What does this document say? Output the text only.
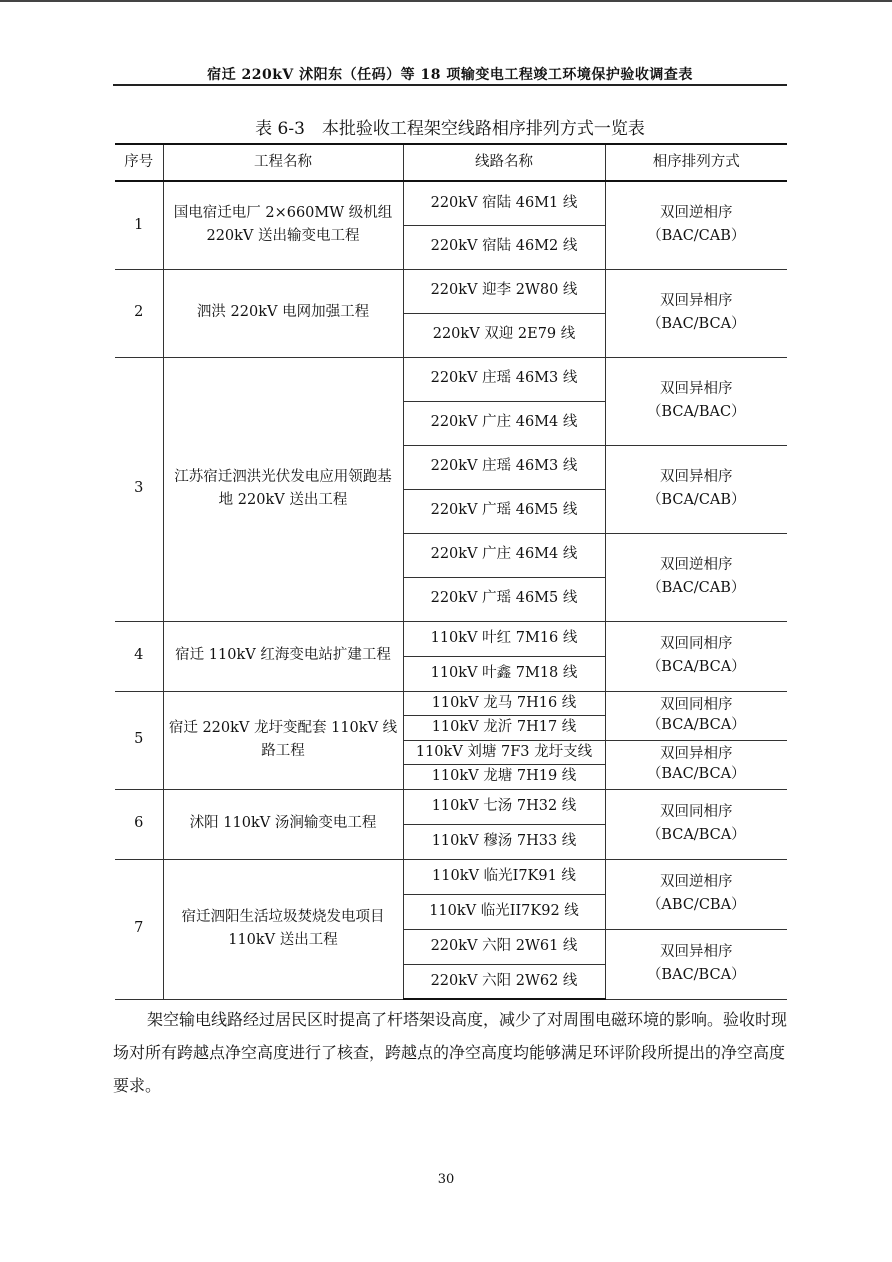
宿迁 220kV 沭阳东（任码）等 18 项输变电工程竣工环境保护验收调查表
表 6-3　本批验收工程架空线路相序排列方式一览表
序号	工程名称	线路名称	相序排列方式
1	国电宿迁电厂 2×660MW 级机组 220kV 送出输变电工程	220kV 宿陆 46M1 线	双回逆相序
（BAC/CAB）
		220kV 宿陆 46M2 线	
2	泗洪 220kV 电网加强工程	220kV 迎李 2W80 线	双回异相序
（BAC/BCA）
		220kV 双迎 2E79 线	
3	江苏宿迁泗洪光伏发电应用领跑基地 220kV 送出工程	220kV 庄瑶 46M3 线	双回异相序
（BCA/BAC）
		220kV 广庄 46M4 线	
		220kV 庄瑶 46M3 线	双回异相序
（BCA/CAB）
		220kV 广瑶 46M5 线	
		220kV 广庄 46M4 线	双回逆相序
（BAC/CAB）
		220kV 广瑶 46M5 线	
4	宿迁 110kV 红海变电站扩建工程	110kV 叶红 7M16 线	双回同相序
（BCA/BCA）
		110kV 叶鑫 7M18 线	
5	宿迁 220kV 龙圩变配套 110kV 线路工程	110kV 龙马 7H16 线	双回同相序
（BCA/BCA）
		110kV 龙沂 7H17 线	
		110kV 刘塘 7F3 龙圩支线	双回异相序
（BAC/BCA）
		110kV 龙塘 7H19 线	
6	沭阳 110kV 汤涧输变电工程	110kV 七汤 7H32 线	双回同相序
（BCA/BCA）
		110kV 穆汤 7H33 线	
7	宿迁泗阳生活垃圾焚烧发电项目 110kV 送出工程	110kV 临光I7K91 线	双回逆相序
（ABC/CBA）
		110kV 临光II7K92 线	
		220kV 六阳 2W61 线	双回异相序
（BAC/BCA）
		220kV 六阳 2W62 线	

架空输电线路经过居民区时提高了杆塔架设高度，减少了对周围电磁环境的影响。验收时现场对所有跨越点净空高度进行了核查，跨越点的净空高度均能够满足环评阶段所提出的净空高度要求。

30
